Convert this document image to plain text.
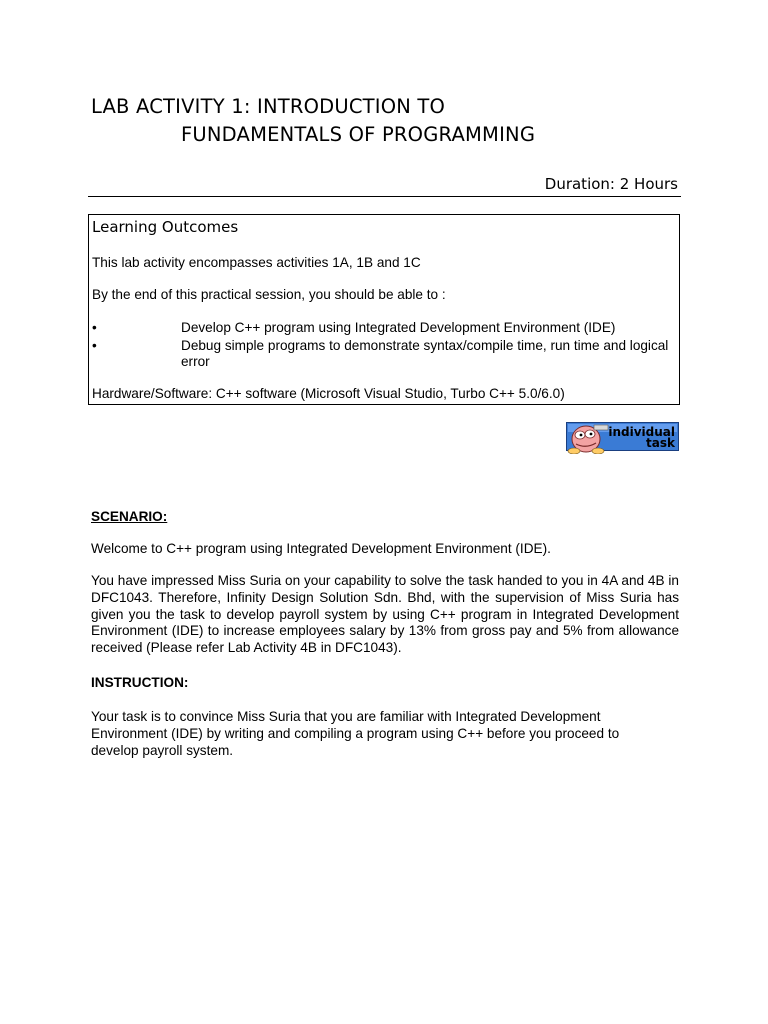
LAB ACTIVITY 1: INTRODUCTION TO
FUNDAMENTALS OF PROGRAMMING
Duration: 2 Hours
Learning Outcomes
This lab activity encompasses activities 1A, 1B and 1C
By the end of this practical session, you should be able to :
•	Develop C++ program using Integrated Development Environment (IDE)
•	Debug simple programs to demonstrate syntax/compile time, run time and logical error
Hardware/Software: C++ software (Microsoft Visual Studio, Turbo C++ 5.0/6.0)
individual
task
SCENARIO:
Welcome to C++ program using Integrated Development Environment (IDE).
You have impressed Miss Suria on your capability to solve the task handed to you in 4A and 4B in DFC1043. Therefore, Infinity Design Solution Sdn. Bhd, with the supervision of Miss Suria has given you the task to develop payroll system by using C++ program in Integrated Development Environment (IDE) to increase employees salary by 13% from gross pay and 5% from allowance received (Please refer Lab Activity 4B in DFC1043).
INSTRUCTION:
Your task is to convince Miss Suria that you are familiar with Integrated Development Environment (IDE) by writing and compiling a program using C++ before you proceed to develop payroll system.
